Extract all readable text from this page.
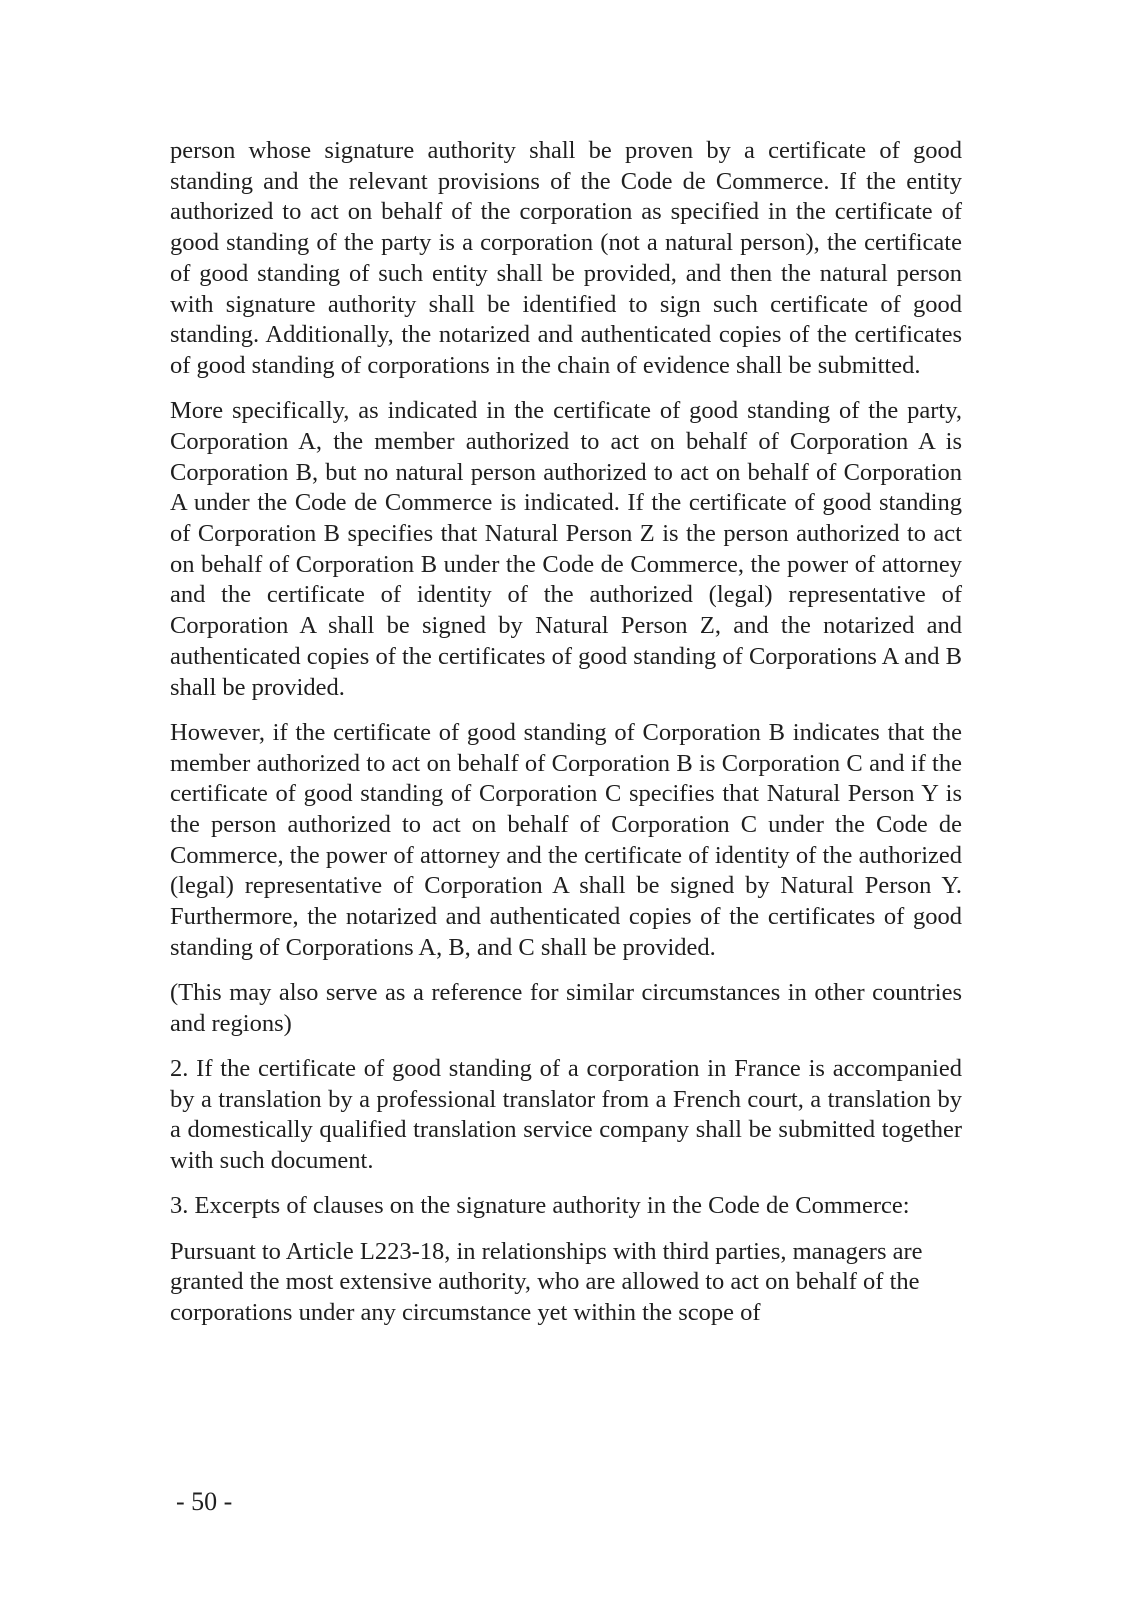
person whose signature authority shall be proven by a certificate of good standing and the relevant provisions of the Code de Commerce. If the entity authorized to act on behalf of the corporation as specified in the certificate of good standing of the party is a corporation (not a natural person), the certificate of good standing of such entity shall be provided, and then the natural person with signature authority shall be identified to sign such certificate of good standing. Additionally, the notarized and authenticated copies of the certificates of good standing of corporations in the chain of evidence shall be submitted.

More specifically, as indicated in the certificate of good standing of the party, Corporation A, the member authorized to act on behalf of Corporation A is Corporation B, but no natural person authorized to act on behalf of Corporation A under the Code de Commerce is indicated. If the certificate of good standing of Corporation B specifies that Natural Person Z is the person authorized to act on behalf of Corporation B under the Code de Commerce, the power of attorney and the certificate of identity of the authorized (legal) representative of Corporation A shall be signed by Natural Person Z, and the notarized and authenticated copies of the certificates of good standing of Corporations A and B shall be provided.

However, if the certificate of good standing of Corporation B indicates that the member authorized to act on behalf of Corporation B is Corporation C and if the certificate of good standing of Corporation C specifies that Natural Person Y is the person authorized to act on behalf of Corporation C under the Code de Commerce, the power of attorney and the certificate of identity of the authorized (legal) representative of Corporation A shall be signed by Natural Person Y. Furthermore, the notarized and authenticated copies of the certificates of good standing of Corporations A, B, and C shall be provided.

(This may also serve as a reference for similar circumstances in other countries and regions)

2. If the certificate of good standing of a corporation in France is accompanied by a translation by a professional translator from a French court, a translation by a domestically qualified translation service company shall be submitted together with such document.

3. Excerpts of clauses on the signature authority in the Code de Commerce:

Pursuant to Article L223-18, in relationships with third parties, managers are granted the most extensive authority, who are allowed to act on behalf of the corporations under any circumstance yet within the scope of

- 50 -
